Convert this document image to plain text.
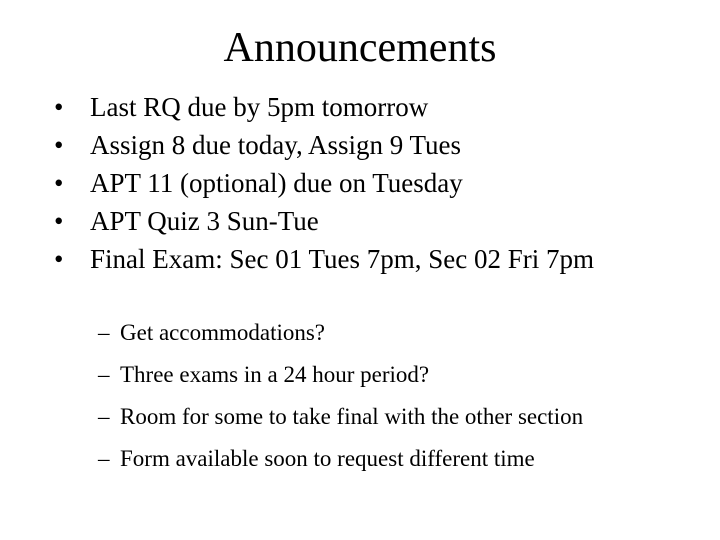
Announcements
• Last RQ due by 5pm tomorrow
• Assign 8 due today, Assign 9 Tues
• APT 11 (optional) due on Tuesday
• APT Quiz 3 Sun-Tue
• Final Exam: Sec 01 Tues 7pm, Sec 02 Fri 7pm
– Get accommodations?
– Three exams in a 24 hour period?
– Room for some to take final with the other section
– Form available soon to request different time
